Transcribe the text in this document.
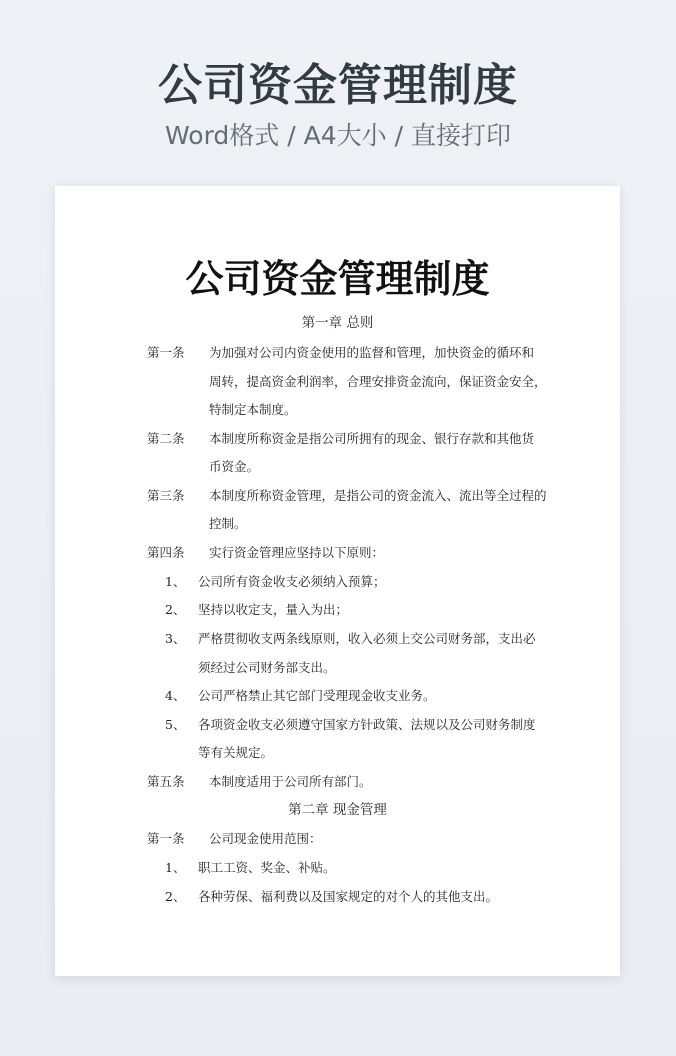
公司资金管理制度
Word格式 / A4大小 / 直接打印
公司资金管理制度
第一章 总则
第一条 为加强对公司内资金使用的监督和管理，加快资金的循环和
周转，提高资金利润率，合理安排资金流向，保证资金安全，
特制定本制度。
第二条 本制度所称资金是指公司所拥有的现金、银行存款和其他货
币资金。
第三条 本制度所称资金管理，是指公司的资金流入、流出等全过程的
控制。
第四条 实行资金管理应坚持以下原则：
1、 公司所有资金收支必须纳入预算；
2、 坚持以收定支，量入为出；
3、 严格贯彻收支两条线原则，收入必须上交公司财务部，支出必
须经过公司财务部支出。
4、 公司严格禁止其它部门受理现金收支业务。
5、 各项资金收支必须遵守国家方针政策、法规以及公司财务制度
等有关规定。
第五条 本制度适用于公司所有部门。
第二章 现金管理
第一条 公司现金使用范围：
1、 职工工资、奖金、补贴。
2、 各种劳保、福利费以及国家规定的对个人的其他支出。
